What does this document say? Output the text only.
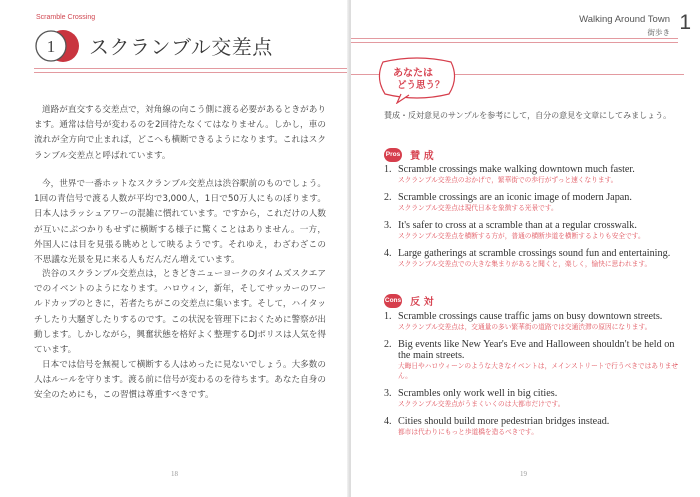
Scramble Crossing
1 スクランブル交差点

道路が直交する交差点で，対角線の向こう側に渡る必要があるときがあります。通常は信号が変わるのを2回待たなくてはなりません。しかし，車の流れが全方向で止まれば，どこへも横断できるようになります。これはスクランブル交差点と呼ばれています。

今，世界で一番ホットなスクランブル交差点は渋谷駅前のものでしょう。1回の青信号で渡る人数が平均で3,000人，1日で50万人にものぼります。日本人はラッシュアワーの混雑に慣れています。ですから，これだけの人数が互いにぶつかりもせずに横断する様子に驚くことはありません。一方，外国人には目を見張る眺めとして映るようです。それゆえ，わざわざこの不思議な光景を見に来る人もだんだん増えています。

渋谷のスクランブル交差点は，ときどきニューヨークのタイムズスクエアでのイベントのようになります。ハロウィン，新年，そしてサッカーのワールドカップのときに，若者たちがこの交差点に集います。そして，ハイタッチしたり大騒ぎしたりするのです。この状況を管理下におくために警察が出動します。しかしながら，興奮状態を格好よく整理するDJポリスは人気を得ています。

日本では信号を無視して横断する人はめったに見ないでしょう。大多数の人はルールを守ります。渡る前に信号が変わるのを待ちます。あなた自身の安全のためにも，この習慣は尊重すべきです。

18
Walking Around Town
街歩き 1
あなたは
どう思う？

賛成・反対意見のサンプルを参考にして，自分の意見を文章にしてみましょう。

Pros 賛 成
1. Scramble crossings make walking downtown much faster.
スクランブル交差点のおかげで，繁華街での歩行がずっと速くなります。
2. Scramble crossings are an iconic image of modern Japan.
スクランブル交差点は現代日本を象徴する光景です。
3. It's safer to cross at a scramble than at a regular crosswalk.
スクランブル交差点を横断する方が，普通の横断歩道を横断するよりも安全です。
4. Large gatherings at scramble crossings sound fun and entertaining.
スクランブル交差点での大きな集まりがあると聞くと，楽しく，愉快に思われます。
Cons 反 対
1. Scramble crossings cause traffic jams on busy downtown streets.
スクランブル交差点は，交通量の多い繁華街の道路では交通渋滞の原因になります。
2. Big events like New Year's Eve and Halloween shouldn't be held on the main streets.
大晦日やハロウィーンのような大きなイベントは，メインストリートで行うべきではありません。
3. Scrambles only work well in big cities.
スクランブル交差点がうまくいくのは大都市だけです。
4. Cities should build more pedestrian bridges instead.
都市は代わりにもっと歩道橋を造るべきです。
19
